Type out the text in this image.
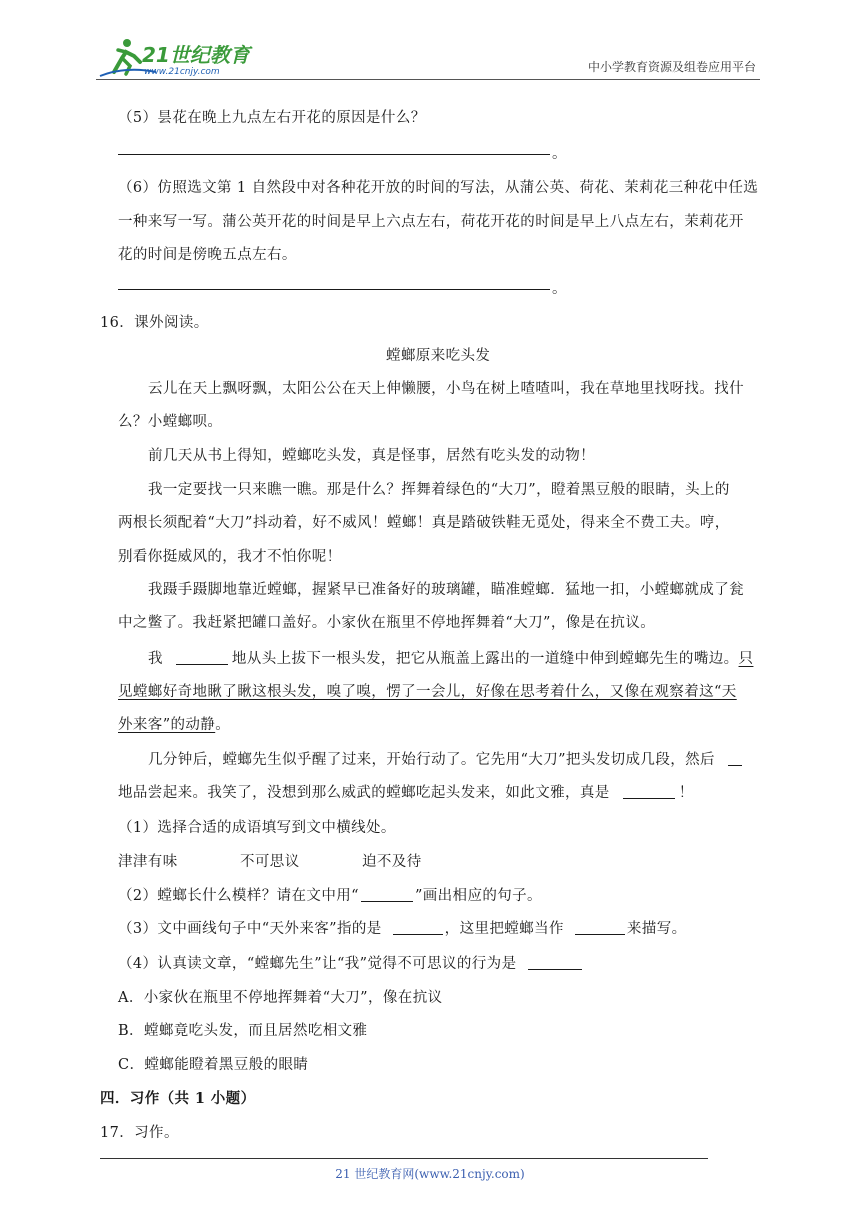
21世纪教育
www.21cnjy.com	中小学教育资源及组卷应用平台
（5）昙花在晚上九点左右开花的原因是什么？
。
（6）仿照选文第 1 自然段中对各种花开放的时间的写法，从蒲公英、荷花、茉莉花三种花中任选
一种来写一写。蒲公英开花的时间是早上六点左右，荷花开花的时间是早上八点左右，茉莉花开
花的时间是傍晚五点左右。
。
16．课外阅读。
螳螂原来吃头发
云儿在天上飘呀飘，太阳公公在天上伸懒腰，小鸟在树上喳喳叫，我在草地里找呀找。找什
么？小螳螂呗。
前几天从书上得知，螳螂吃头发，真是怪事，居然有吃头发的动物！
我一定要找一只来瞧一瞧。那是什么？挥舞着绿色的“大刀”，瞪着黑豆般的眼睛，头上的
两根长须配着“大刀”抖动着，好不威风！螳螂！真是踏破铁鞋无觅处，得来全不费工夫。哼，
别看你挺威风的，我才不怕你呢！
我蹑手蹑脚地靠近螳螂，握紧早已准备好的玻璃罐，瞄准螳螂．猛地一扣，小螳螂就成了瓮
中之鳖了。我赶紧把罐口盖好。小家伙在瓶里不停地挥舞着“大刀”，像是在抗议。
我	地从头上拔下一根头发，把它从瓶盖上露出的一道缝中伸到螳螂先生的嘴边。只
见螳螂好奇地瞅了瞅这根头发，嗅了嗅，愣了一会儿，好像在思考着什么，又像在观察着这“天
外来客”的动静。
几分钟后，螳螂先生似乎醒了过来，开始行动了。它先用“大刀”把头发切成几段，然后
地品尝起来。我笑了，没想到那么威武的螳螂吃起头发来，如此文雅，真是	！
（1）选择合适的成语填写到文中横线处。
津津有味	不可思议	迫不及待
（2）螳螂长什么模样？请在文中用“	”画出相应的句子。
（3）文中画线句子中“天外来客”指的是	，这里把螳螂当作	来描写。
（4）认真读文章，“螳螂先生”让“我”觉得不可思议的行为是
A．小家伙在瓶里不停地挥舞着“大刀”，像在抗议
B．螳螂竟吃头发，而且居然吃相文雅
C．螳螂能瞪着黑豆般的眼睛
四．习作（共 1 小题）
17．习作。
21 世纪教育网(www.21cnjy.com)
